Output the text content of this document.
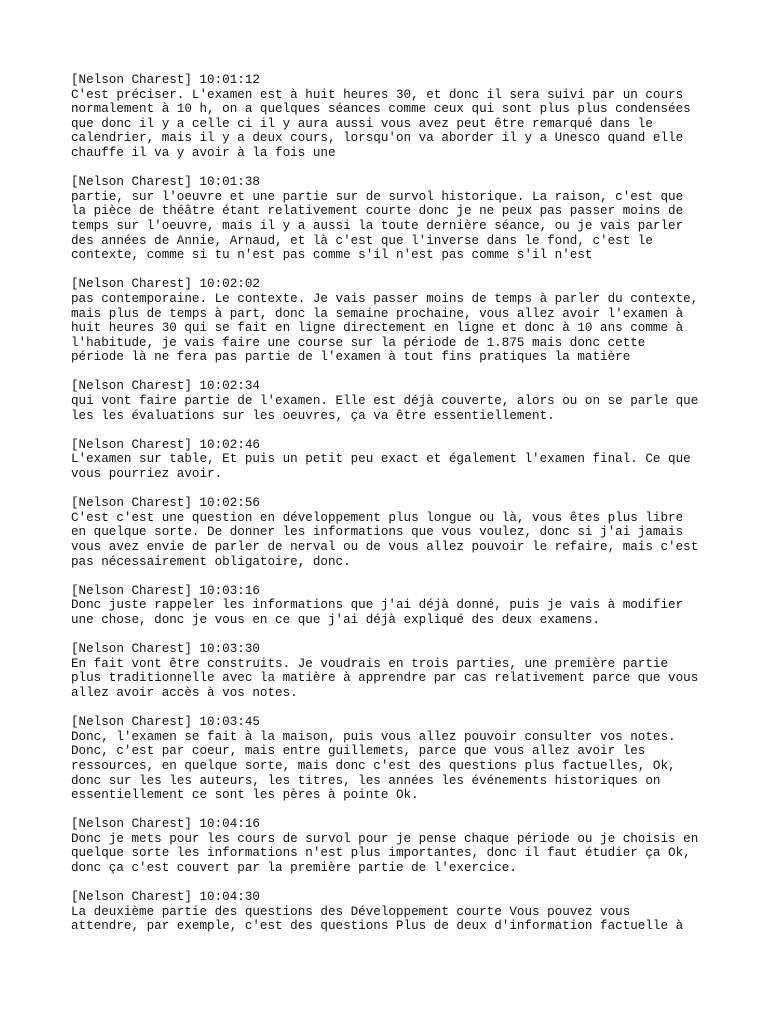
[Nelson Charest] 10:01:12
C'est préciser. L'examen est à huit heures 30, et donc il sera suivi par un cours
normalement à 10 h, on a quelques séances comme ceux qui sont plus plus condensées
que donc il y a celle ci il y aura aussi vous avez peut être remarqué dans le
calendrier, mais il y a deux cours, lorsqu'on va aborder il y a Unesco quand elle
chauffe il va y avoir à la fois une
[Nelson Charest] 10:01:38
partie, sur l'oeuvre et une partie sur de survol historique. La raison, c'est que
la pièce de théâtre étant relativement courte donc je ne peux pas passer moins de
temps sur l'oeuvre, mais il y a aussi la toute dernière séance, ou je vais parler
des années de Annie, Arnaud, et là c'est que l'inverse dans le fond, c'est le
contexte, comme si tu n'est pas comme s'il n'est pas comme s'il n'est
[Nelson Charest] 10:02:02
pas contemporaine. Le contexte. Je vais passer moins de temps à parler du contexte,
mais plus de temps à part, donc la semaine prochaine, vous allez avoir l'examen à
huit heures 30 qui se fait en ligne directement en ligne et donc à 10 ans comme à
l'habitude, je vais faire une course sur la période de 1.875 mais donc cette
période là ne fera pas partie de l'examen à tout fins pratiques la matière
[Nelson Charest] 10:02:34
qui vont faire partie de l'examen. Elle est déjà couverte, alors ou on se parle que
les les évaluations sur les oeuvres, ça va être essentiellement.
[Nelson Charest] 10:02:46
L'examen sur table, Et puis un petit peu exact et également l'examen final. Ce que
vous pourriez avoir.
[Nelson Charest] 10:02:56
C'est c'est une question en développement plus longue ou là, vous êtes plus libre
en quelque sorte. De donner les informations que vous voulez, donc si j'ai jamais
vous avez envie de parler de nerval ou de vous allez pouvoir le refaire, mais c'est
pas nécessairement obligatoire, donc.
[Nelson Charest] 10:03:16
Donc juste rappeler les informations que j'ai déjà donné, puis je vais à modifier
une chose, donc je vous en ce que j'ai déjà expliqué des deux examens.
[Nelson Charest] 10:03:30
En fait vont être construits. Je voudrais en trois parties, une première partie
plus traditionnelle avec la matière à apprendre par cas relativement parce que vous
allez avoir accès à vos notes.
[Nelson Charest] 10:03:45
Donc, l'examen se fait à la maison, puis vous allez pouvoir consulter vos notes.
Donc, c'est par coeur, mais entre guillemets, parce que vous allez avoir les
ressources, en quelque sorte, mais donc c'est des questions plus factuelles, Ok,
donc sur les les auteurs, les titres, les années les événements historiques on
essentiellement ce sont les pères à pointe Ok.
[Nelson Charest] 10:04:16
Donc je mets pour les cours de survol pour je pense chaque période ou je choisis en
quelque sorte les informations n'est plus importantes, donc il faut étudier ça Ok,
donc ça c'est couvert par la première partie de l'exercice.
[Nelson Charest] 10:04:30
La deuxième partie des questions des Développement courte Vous pouvez vous
attendre, par exemple, c'est des questions Plus de deux d'information factuelle à
